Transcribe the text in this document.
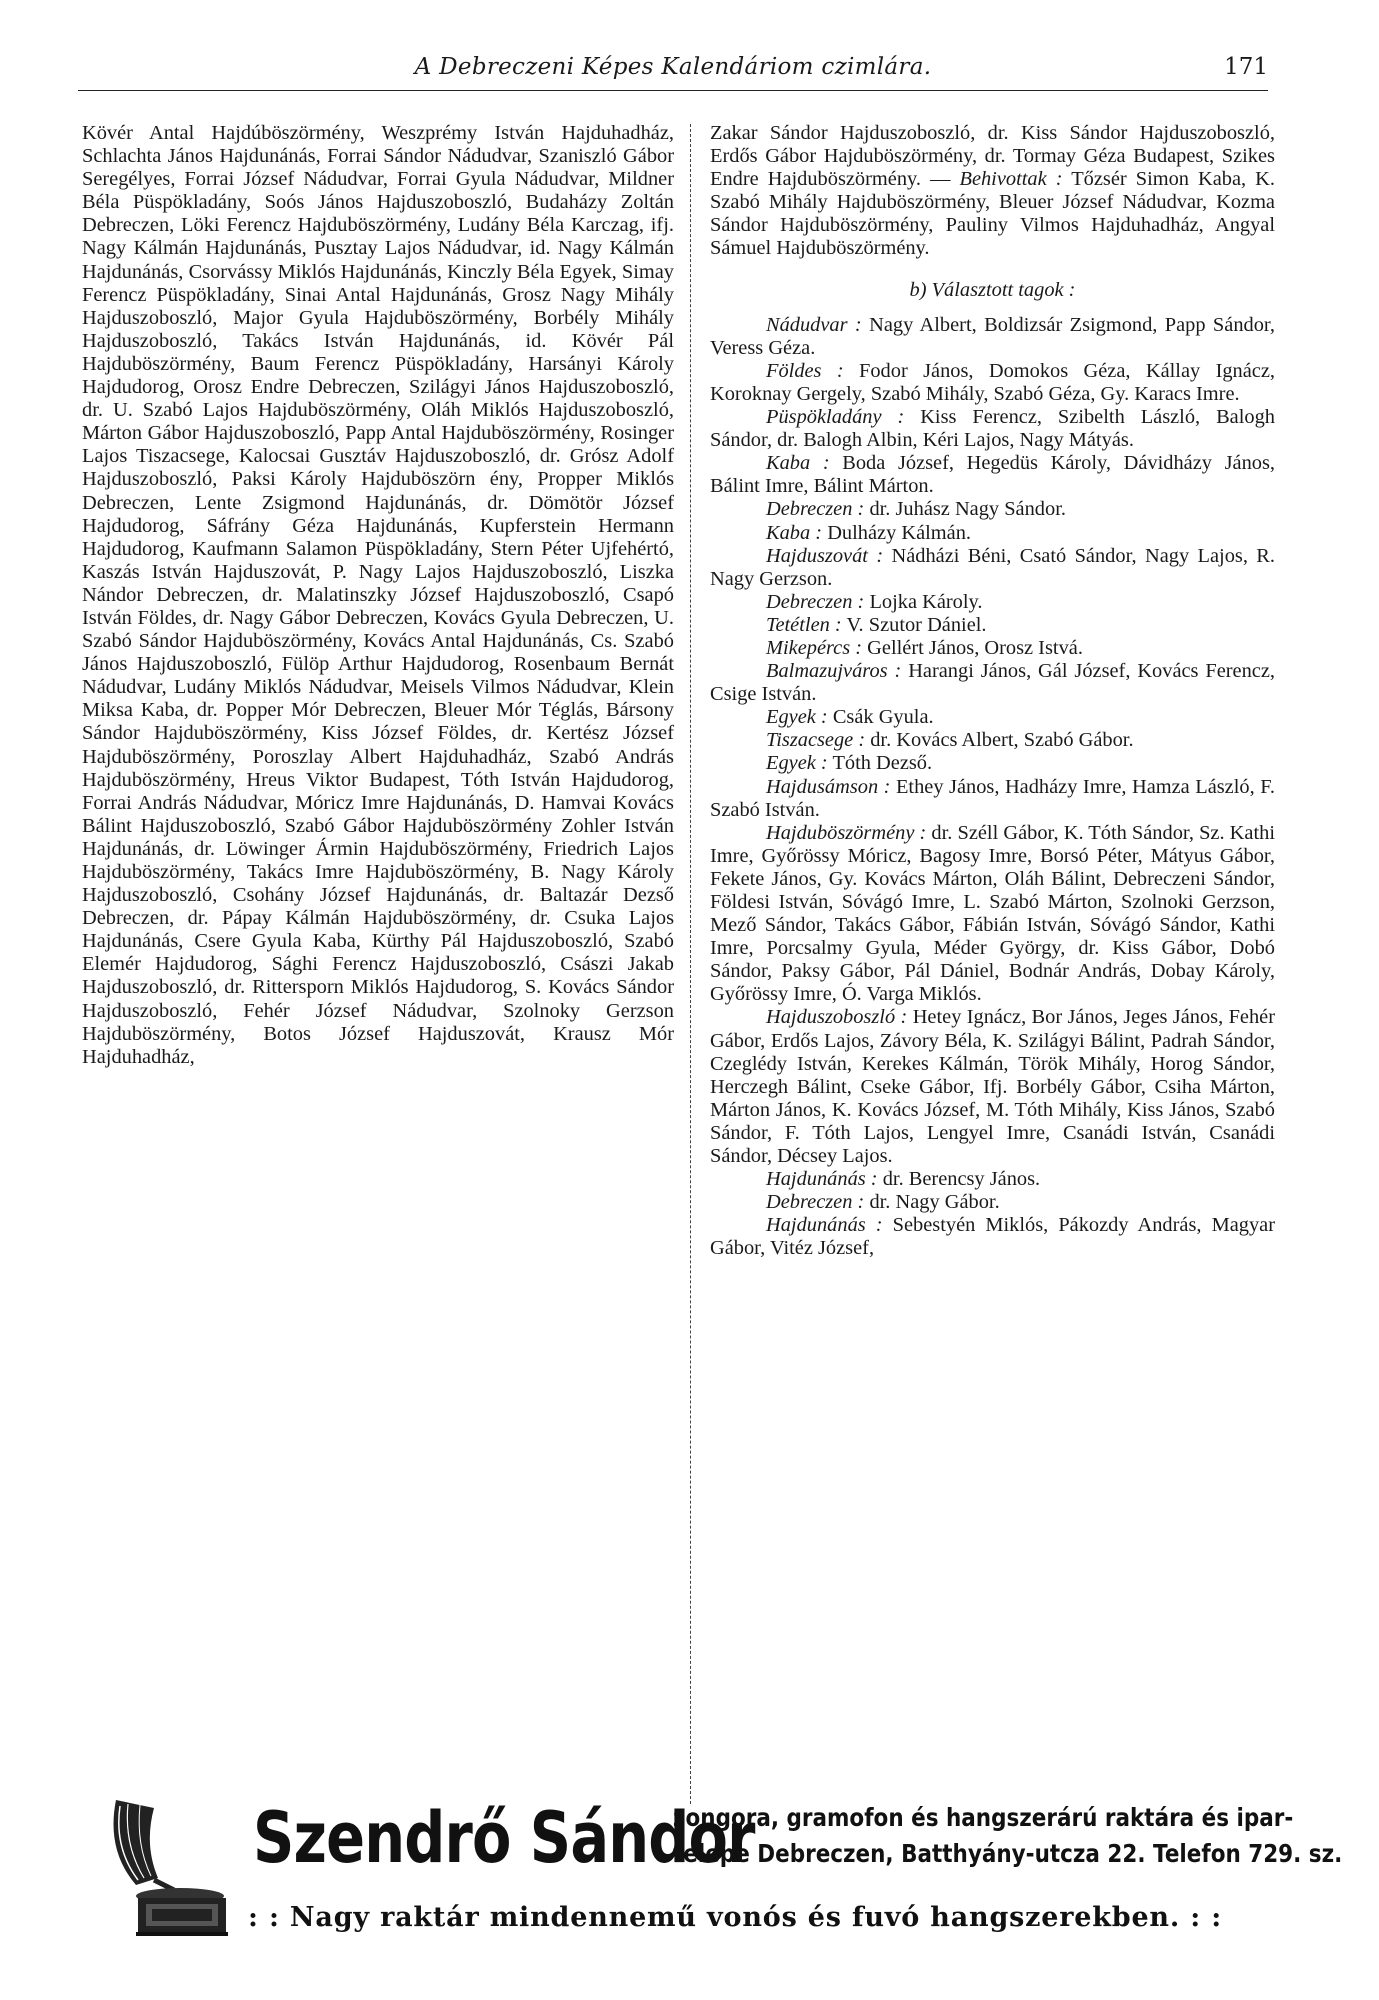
A Debreczeni Képes Kalendáriom czimlára.	171

Kövér Antal Hajdúböszörmény, Weszprémy István Hajduhadház, Schlachta János Hajdunánás, Forrai Sándor Nádudvar, Szaniszló Gábor Seregélyes, Forrai József Nádudvar, Forrai Gyula Nádudvar, Mildner Béla Püspökladány, Soós János Hajduszoboszló, Budaházy Zoltán Debreczen, Löki Ferencz Hajduböszörmény, Ludány Béla Karczag, ifj. Nagy Kálmán Hajdunánás, Pusztay Lajos Nádudvar, id. Nagy Kálmán Hajdunánás, Csorvássy Miklós Hajdunánás, Kinczly Béla Egyek, Simay Ferencz Püspökladány, Sinai Antal Hajdunánás, Grosz Nagy Mihály Hajduszoboszló, Major Gyula Hajduböszörmény, Borbély Mihály Hajduszoboszló, Takács István Hajdunánás, id. Kövér Pál Hajduböszörmény, Baum Ferencz Püspökladány, Harsányi Károly Hajdudorog, Orosz Endre Debreczen, Szilágyi János Hajduszoboszló, dr. U. Szabó Lajos Hajduböszörmény, Oláh Miklós Hajduszoboszló, Márton Gábor Hajduszoboszló, Papp Antal Hajduböszörmény, Rosinger Lajos Tiszacsege, Kalocsai Gusztáv Hajduszoboszló, dr. Grósz Adolf Hajduszoboszló, Paksi Károly Hajduböszörn ény, Propper Miklós Debreczen, Lente Zsigmond Hajdunánás, dr. Dömötör József Hajdudorog, Sáfrány Géza Hajdunánás, Kupferstein Hermann Hajdudorog, Kaufmann Salamon Püspökladány, Stern Péter Ujfehértó, Kaszás István Hajduszovát, P. Nagy Lajos Hajduszoboszló, Liszka Nándor Debreczen, dr. Malatinszky József Hajduszoboszló, Csapó István Földes, dr. Nagy Gábor Debreczen, Kovács Gyula Debreczen, U. Szabó Sándor Hajduböszörmény, Kovács Antal Hajdunánás, Cs. Szabó János Hajduszoboszló, Fülöp Arthur Hajdudorog, Rosenbaum Bernát Nádudvar, Ludány Miklós Nádudvar, Meisels Vilmos Nádudvar, Klein Miksa Kaba, dr. Popper Mór Debreczen, Bleuer Mór Téglás, Bársony Sándor Hajduböszörmény, Kiss József Földes, dr. Kertész József Hajduböszörmény, Poroszlay Albert Hajduhadház, Szabó András Hajduböszörmény, Hreus Viktor Budapest, Tóth István Hajdudorog, Forrai András Nádudvar, Móricz Imre Hajdunánás, D. Hamvai Kovács Bálint Hajduszoboszló, Szabó Gábor Hajduböszörmény Zohler István Hajdunánás, dr. Löwinger Ármin Hajduböszörmény, Friedrich Lajos Hajduböszörmény, Takács Imre Hajduböszörmény, B. Nagy Károly Hajduszoboszló, Csohány József Hajdunánás, dr. Baltazár Dezső Debreczen, dr. Pápay Kálmán Hajduböszörmény, dr. Csuka Lajos Hajdunánás, Csere Gyula Kaba, Kürthy Pál Hajduszoboszló, Szabó Elemér Hajdudorog, Sághi Ferencz Hajduszoboszló, Császi Jakab Hajduszoboszló, dr. Rittersporn Miklós Hajdudorog, S. Kovács Sándor Hajduszoboszló, Fehér József Nádudvar, Szolnoky Gerzson Hajduböszörmény, Botos József Hajduszovát, Krausz Mór Hajduhadház,

Zakar Sándor Hajduszoboszló, dr. Kiss Sándor Hajduszoboszló, Erdős Gábor Hajduböszörmény, dr. Tormay Géza Budapest, Szikes Endre Hajduböszörmény. — Behivottak : Tőzsér Simon Kaba, K. Szabó Mihály Hajduböszörmény, Bleuer József Nádudvar, Kozma Sándor Hajduböszörmény, Pauliny Vilmos Hajduhadház, Angyal Sámuel Hajduböszörmény.

b) Választott tagok :

Nádudvar : Nagy Albert, Boldizsár Zsigmond, Papp Sándor, Veress Géza.

Földes : Fodor János, Domokos Géza, Kállay Ignácz, Koroknay Gergely, Szabó Mihály, Szabó Géza, Gy. Karacs Imre.

Püspökladány : Kiss Ferencz, Szibelth László, Balogh Sándor, dr. Balogh Albin, Kéri Lajos, Nagy Mátyás.

Kaba : Boda József, Hegedüs Károly, Dávidházy János, Bálint Imre, Bálint Márton.

Debreczen : dr. Juhász Nagy Sándor.

Kaba : Dulházy Kálmán.

Hajduszovát : Nádházi Béni, Csató Sándor, Nagy Lajos, R. Nagy Gerzson.

Debreczen : Lojka Károly.

Tetétlen : V. Szutor Dániel.

Mikepércs : Gellért János, Orosz Istvá.

Balmazujváros : Harangi János, Gál József, Kovács Ferencz, Csige István.

Egyek : Csák Gyula.

Tiszacsege : dr. Kovács Albert, Szabó Gábor.

Egyek : Tóth Dezső.

Hajdusámson : Ethey János, Hadházy Imre, Hamza László, F. Szabó István.

Hajduböszörmény : dr. Széll Gábor, K. Tóth Sándor, Sz. Kathi Imre, Győrössy Móricz, Bagosy Imre, Borsó Péter, Mátyus Gábor, Fekete János, Gy. Kovács Márton, Oláh Bálint, Debreczeni Sándor, Földesi István, Sóvágó Imre, L. Szabó Márton, Szolnoki Gerzson, Mező Sándor, Takács Gábor, Fábián István, Sóvágó Sándor, Kathi Imre, Porcsalmy Gyula, Méder György, dr. Kiss Gábor, Dobó Sándor, Paksy Gábor, Pál Dániel, Bodnár András, Dobay Károly, Győrössy Imre, Ó. Varga Miklós.

Hajduszoboszló : Hetey Ignácz, Bor János, Jeges János, Fehér Gábor, Erdős Lajos, Závory Béla, K. Szilágyi Bálint, Padrah Sándor, Czeglédy István, Kerekes Kálmán, Török Mihály, Horog Sándor, Herczegh Bálint, Cseke Gábor, Ifj. Borbély Gábor, Csiha Márton, Márton János, K. Kovács József, M. Tóth Mihály, Kiss János, Szabó Sándor, F. Tóth Lajos, Lengyel Imre, Csanádi István, Csanádi Sándor, Décsey Lajos.

Hajdunánás : dr. Berencsy János.

Debreczen : dr. Nagy Gábor.

Hajdunánás : Sebestyén Miklós, Pákozdy András, Magyar Gábor, Vitéz József,

Szendrő Sándor
zongora, gramofon és hangszerárú raktára és ipar-
telepe Debreczen, Batthyány-utcza 22. Telefon 729. sz.
: : Nagy raktár mindennemű vonós és fuvó hangszerekben. : :
